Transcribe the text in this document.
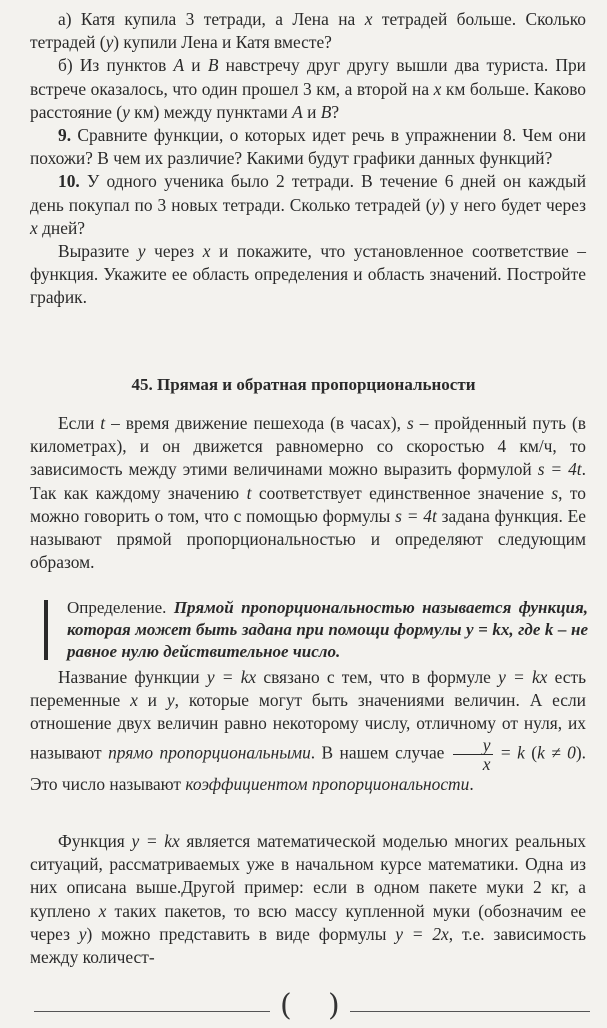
а) Катя купила 3 тетради, а Лена на x тетрадей больше. Сколько тетрадей (y) купили Лена и Катя вместе?

б) Из пунктов A и B навстречу друг другу вышли два туриста. При встрече оказалось, что один прошел 3 км, а второй на x км больше. Каково расстояние (y км) между пунктами A и B?

9. Сравните функции, о которых идет речь в упражнении 8. Чем они похожи? В чем их различие? Какими будут графики данных функций?

10. У одного ученика было 2 тетради. В течение 6 дней он каждый день покупал по 3 новых тетради. Сколько тетрадей (y) у него будет через x дней?

Выразите y через x и покажите, что установленное соответствие – функция. Укажите ее область определения и область значений. Постройте график.

45. Прямая и обратная пропорциональности

Если t – время движение пешехода (в часах), s – пройденный путь (в километрах), и он движется равномерно со скоростью 4 км/ч, то зависимость между этими величинами можно выразить формулой s = 4t. Так как каждому значению t соответствует единственное значение s, то можно говорить о том, что с помощью формулы s = 4t задана функция. Ее называют прямой пропорциональностью и определяют следующим образом.

Определение. Прямой пропорциональностью называется функция, которая может быть задана при помощи формулы y = kx, где k – не равное нулю действительное число.

Название функции y = kx связано с тем, что в формуле y = kx есть переменные x и y, которые могут быть значениями величин. А если отношение двух величин равно некоторому числу, отличному от нуля, их называют прямо пропорциональными. В нашем случае $\frac{y}{x} = k$ (k ≠ 0). Это число называют коэффициентом пропорциональности.

Функция y = kx является математической моделью многих реальных ситуаций, рассматриваемых уже в начальном курсе математики. Одна из них описана выше.Другой пример: если в одном пакете муки 2 кг, а куплено x таких пакетов, то всю массу купленной муки (обозначим ее через y) можно представить в виде формулы y = 2x, т.е. зависимость между количест-

( )
